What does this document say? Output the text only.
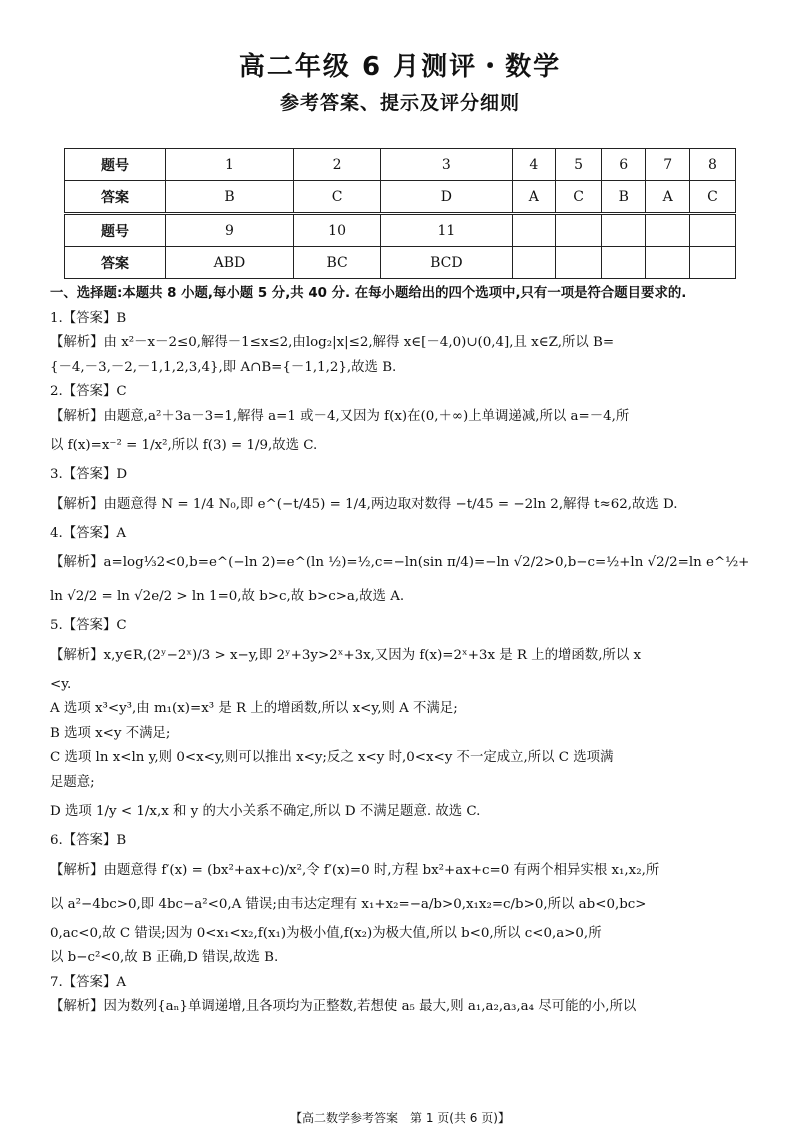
高二年级 6 月测评・数学
参考答案、提示及评分细则
题号	1	2	3	4	5	6	7	8
答案	B	C	D	A	C	B	A	C
题号	9	10	11					
答案	ABD	BC	BCD					

一、选择题:本题共 8 小题,每小题 5 分,共 40 分. 在每小题给出的四个选项中,只有一项是符合题目要求的.

1.【答案】B

【解析】由 x²－x－2≤0,解得－1≤x≤2,由log₂|x|≤2,解得 x∈[－4,0)∪(0,4],且 x∈Z,所以 B=

{－4,－3,－2,－1,1,2,3,4},即 A∩B={－1,1,2},故选 B.

2.【答案】C

【解析】由题意,a²＋3a－3=1,解得 a=1 或－4,又因为 f(x)在(0,＋∞)上单调递减,所以 a=－4,所

以 f(x)=x⁻² = 1/x²,所以 f(3) = 1/9,故选 C.

3.【答案】D

【解析】由题意得 N = 1/4 N₀,即 e^(−t/45) = 1/4,两边取对数得 −t/45 = −2ln 2,解得 t≈62,故选 D.

4.【答案】A

【解析】a=log⅓2<0,b=e^(−ln 2)=e^(ln ½)=½,c=−ln(sin π/4)=−ln √2/2>0,b−c=½+ln √2/2=ln e^½+

ln √2/2 = ln √2e/2 > ln 1=0,故 b>c,故 b>c>a,故选 A.

5.【答案】C

【解析】x,y∈R,(2ʸ−2ˣ)/3 > x−y,即 2ʸ+3y>2ˣ+3x,又因为 f(x)=2ˣ+3x 是 R 上的增函数,所以 x

<y.

A 选项 x³<y³,由 m₁(x)=x³ 是 R 上的增函数,所以 x<y,则 A 不满足;

B 选项 x<y 不满足;

C 选项 ln x<ln y,则 0<x<y,则可以推出 x<y;反之 x<y 时,0<x<y 不一定成立,所以 C 选项满

足题意;

D 选项 1/y < 1/x,x 和 y 的大小关系不确定,所以 D 不满足题意. 故选 C.

6.【答案】B

【解析】由题意得 f′(x) = (bx²+ax+c)/x²,令 f′(x)=0 时,方程 bx²+ax+c=0 有两个相异实根 x₁,x₂,所

以 a²−4bc>0,即 4bc−a²<0,A 错误;由韦达定理有 x₁+x₂=−a/b>0,x₁x₂=c/b>0,所以 ab<0,bc>

0,ac<0,故 C 错误;因为 0<x₁<x₂,f(x₁)为极小值,f(x₂)为极大值,所以 b<0,所以 c<0,a>0,所

以 b−c²<0,故 B 正确,D 错误,故选 B.

7.【答案】A

【解析】因为数列{aₙ}单调递增,且各项均为正整数,若想使 a₅ 最大,则 a₁,a₂,a₃,a₄ 尽可能的小,所以

【高二数学参考答案　第 1 页(共 6 页)】
